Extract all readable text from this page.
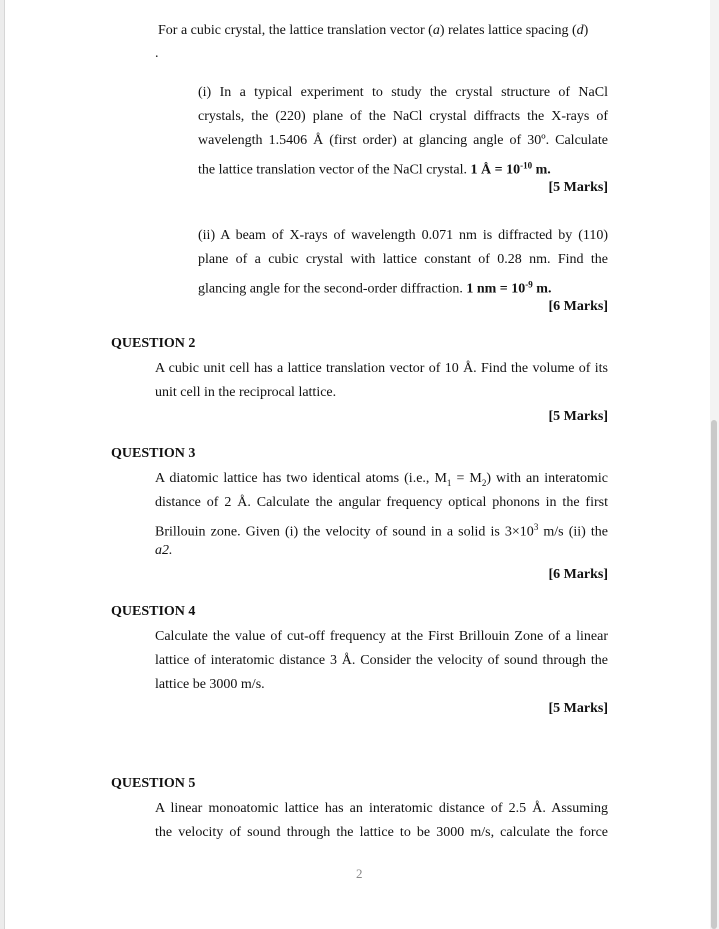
For a cubic crystal, the lattice translation vector (a) relates lattice spacing (d)
.
(i) In a typical experiment to study the crystal structure of NaCl
crystals, the (220) plane of the NaCl crystal diffracts the X-rays of
wavelength 1.5406 Å (first order) at glancing angle of 30º. Calculate
the lattice translation vector of the NaCl crystal. 1 Å = $10^{-10}$ m.
[5 Marks]
(ii) A beam of X-rays of wavelength 0.071 nm is diffracted by (110)
plane of a cubic crystal with lattice constant of 0.28 nm. Find the
glancing angle for the second-order diffraction. 1 nm = $10^{-9}$ m.
[6 Marks]
QUESTION 2
A cubic unit cell has a lattice translation vector of 10 Å. Find the volume of its
unit cell in the reciprocal lattice.
[5 Marks]
QUESTION 3
A diatomic lattice has two identical atoms (i.e., $M_1 = M_2$) with an interatomic
distance of 2 Å. Calculate the angular frequency optical phonons in the first
Brillouin zone. Given (i) the velocity of sound in a solid is $3\times 10^3$ m/s (ii) the
a2.
[6 Marks]
QUESTION 4
Calculate the value of cut-off frequency at the First Brillouin Zone of a linear
lattice of interatomic distance 3 Å. Consider the velocity of sound through the
lattice be 3000 m/s.
[5 Marks]
QUESTION 5
A linear monoatomic lattice has an interatomic distance of 2.5 Å. Assuming
the velocity of sound through the lattice to be 3000 m/s, calculate the force
2
